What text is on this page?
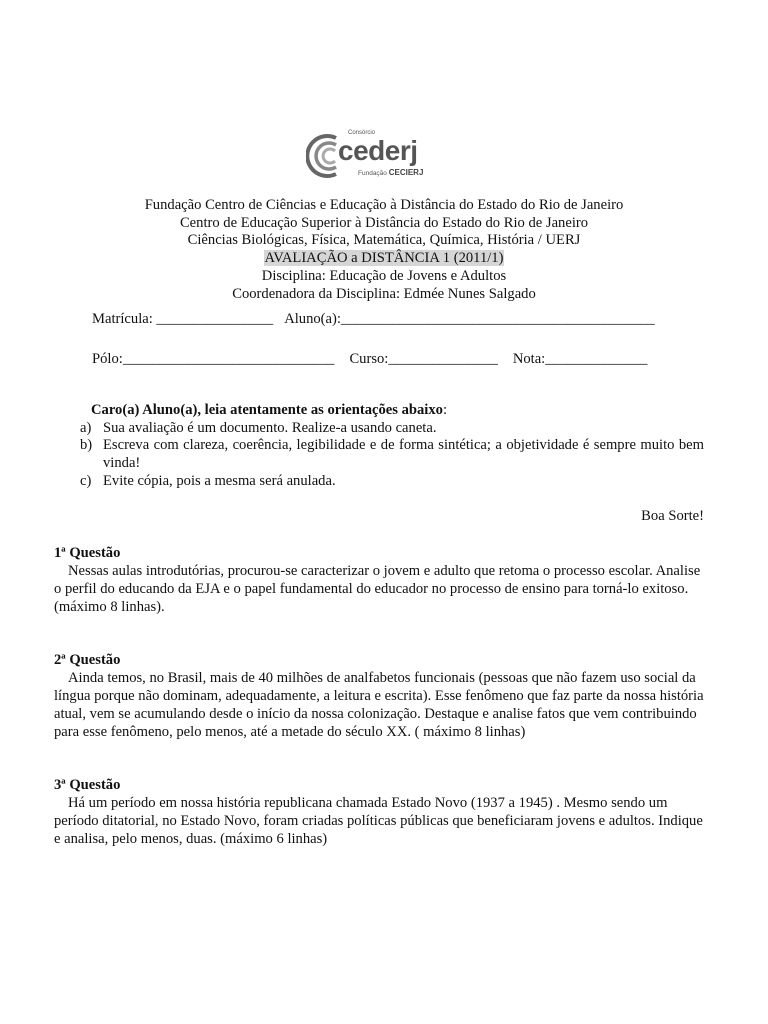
Consórcio
cederj
Fundação CECIERJ
Fundação Centro de Ciências e Educação à Distância do Estado do Rio de Janeiro
Centro de Educação Superior à Distância do Estado do Rio de Janeiro
Ciências Biológicas, Física, Matemática, Química, História / UERJ
AVALIAÇÃO a DISTÂNCIA 1 (2011/1)
Disciplina: Educação de Jovens e Adultos
Coordenadora da Disciplina: Edmée Nunes Salgado
Matrícula: ________________ Aluno(a):___________________________________________
Pólo:_____________________________ Curso:_______________ Nota:______________
Caro(a) Aluno(a), leia atentamente as orientações abaixo:
a) Sua avaliação é um documento. Realize-a usando caneta.
b) Escreva com clareza, coerência, legibilidade e de forma sintética; a objetividade é sempre muito bem vinda!
c) Evite cópia, pois a mesma será anulada.
Boa Sorte!
1ª Questão
Nessas aulas introdutórias, procurou-se caracterizar o jovem e adulto que retoma o processo escolar. Analise o perfil do educando da EJA e o papel fundamental do educador no processo de ensino para torná-lo exitoso. (máximo 8 linhas).
2ª Questão
Ainda temos, no Brasil, mais de 40 milhões de analfabetos funcionais (pessoas que não fazem uso social da língua porque não dominam, adequadamente, a leitura e escrita). Esse fenômeno que faz parte da nossa história atual, vem se acumulando desde o início da nossa colonização. Destaque e analise fatos que vem contribuindo para esse fenômeno, pelo menos, até a metade do século XX. ( máximo 8 linhas)
3ª Questão
Há um período em nossa história republicana chamada Estado Novo (1937 a 1945) . Mesmo sendo um período ditatorial, no Estado Novo, foram criadas políticas públicas que beneficiaram jovens e adultos. Indique e analisa, pelo menos, duas. (máximo 6 linhas)
